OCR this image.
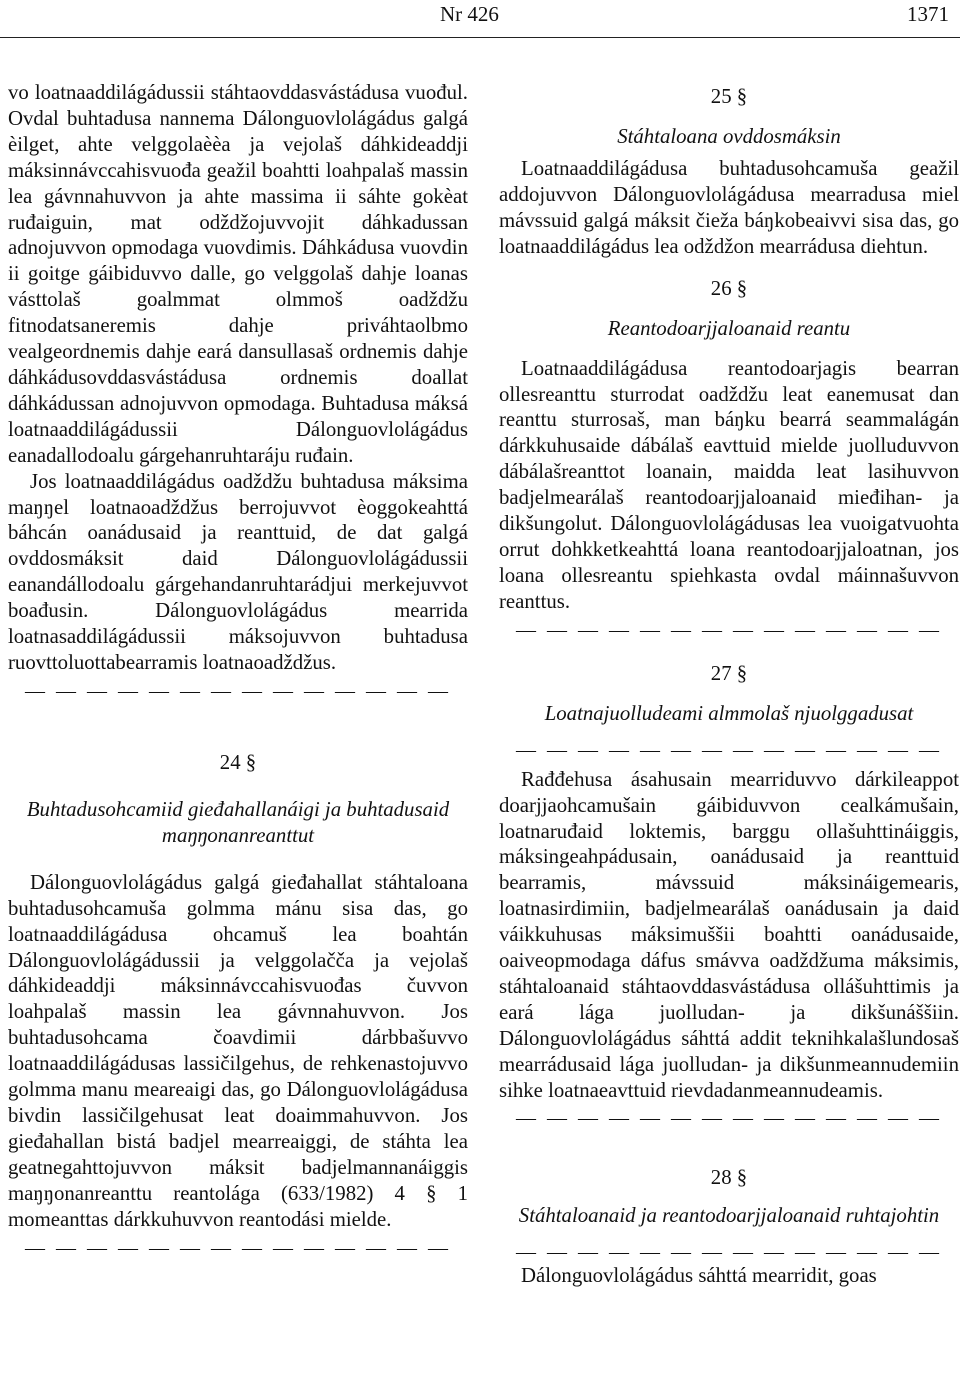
Nr 426	1371

vo loatnaaddilágádussii stáhtaovddasvástádusa vuođul. Ovdal buhtadusa nannema Dálonguovlolágádus galgá èilget, ahte velggolaèèa ja vejolaš dáhkideaddji máksinnávccahisvuođa geažil boahtti loahpalaš massin lea gávnnahuvvon ja ahte massima ii sáhte gokèat ruđaiguin, mat oǆǆojuvvojit dáhkadussan adnojuvvon opmodaga vuovdimis. Dáhkádusa vuovdin ii goitge gáibiduvvo dalle, go velggolaš dahje loanas vásttolaš goalmmat olmmoš oaǆǆu fitnodatsaneremis dahje priváhtaolbmo vealgeordnemis dahje eará dansullasaš ordnemis dahje dáhkádusovddasvástádusa ordnemis doallat dáhkádussan adnojuvvon opmodaga. Buhtadusa máksá loatnaaddilágádussii Dálonguovlolágádus eanadallodoalu gárgehanruhtaráju ruđain.

Jos loatnaaddilágádus oaǆǆu buhtadusa máksima maŋŋel loatnaoaǆǆus berrojuvvot èoggokeahttá báhcán oanádusaid ja reanttuid, de dat galgá ovddosmáksit daid Dálonguovlolágádussii eanandállodoalu gárgehandanruhtarádjui merkejuvvot boađusin. Dálonguovlolágádus mearrida loatnasaddilágádussii máksojuvvon buhtadusa ruovttoluottabearramis loatnaoaǆǆus.

— — — — — — — — — — — — — —

24 §

Buhtadusohcamiid gieđahallanáigi ja buhtadusaid maŋŋonanreanttut

Dálonguovlolágádus galgá gieđahallat stáhtaloana buhtadusohcamuša golmma mánu sisa das, go loatnaaddilágádusa ohcamuš lea boahtán Dálonguovlolágádussii ja velggolačča ja vejolaš dáhkideaddji máksinnávccahisvuođas čuvvon loahpalaš massin lea gávnnahuvvon. Jos buhtadusohcama čoavdimii dárbbašuvvo loatnaaddilágádusas lassičilgehus, de rehkenastojuvvo golmma manu meareaigi das, go Dálonguovlolágádusa bivdin lassičilgehusat leat doaimmahuvvon. Jos gieđahallan bistá badjel mearreaiggi, de stáhta lea geatnegahttojuvvon máksit badjelmannanáiggis maŋŋonanreanttu reantolága (633/1982) 4 § 1 momeanttas dárkkuhuvvon reantodási mielde.

— — — — — — — — — — — — — —

25 §

Stáhtaloana ovddosmáksin

Loatnaaddilágádusa buhtadusohcamuša geažil addojuvvon Dálonguovlolágádusa mearradusa miel mávssuid galgá máksit čieža báŋkobeaivvi sisa das, go loatnaaddilágádus lea oǆǆon mearrádusa diehtun.

26 §

Reantodoarjjaloanaid reantu

Loatnaaddilágádusa reantodoarjagis bearran ollesreanttu sturrodat oaǆǆu leat eanemusat dan reanttu sturrosaš, man báŋku bearrá seammalágán dárkkuhusaide dábálaš eavttuid mielde juolluduvvon dábálašreanttot loanain, maidda leat lasihuvvon badjelmearálaš reantodoarjjaloanaid mieđihan- ja dikšungolut. Dálonguovlolágádusas lea vuoigatvuohta orrut dohkketkeahttá loana reantodoarjjaloatnan, jos loana ollesreantu spiehkasta ovdal máinnašuvvon reanttus.

— — — — — — — — — — — — — —

27 §

Loatnajuolludeami almmolaš njuolggadusat

— — — — — — — — — — — — — —

Rađđehusa ásahusain mearriduvvo dárkileappot doarjjaohcamušain gáibiduvvon cealkámušain, loatnaruđaid loktemis, barggu ollašuhttináiggis, máksingeahpádusain, oanádusaid ja reanttuid bearramis, mávssuid máksináigemearis, loatnasirdimiin, badjelmearálaš oanádusain ja daid váikkuhusas máksimuššii boahtti oanádusaide, oaiveopmodaga dáfus smávva oaǆǆuma máksimis, stáhtaloanaid stáhtaovddasvástádusa ollášuhttimis ja eará lága juolludan- ja dikšunáššiin. Dálonguovlolágádus sáhttá addit teknihkalašlundosaš mearrádusaid lága juolludan- ja dikšunmeannudemiin sihke loatnaeavttuid rievdadanmeannudeamis.

— — — — — — — — — — — — — —

28 §

Stáhtaloanaid ja reantodoarjjaloanaid ruhtajohtin

— — — — — — — — — — — — — —

Dálonguovlolágádus sáhttá mearridit, goas
